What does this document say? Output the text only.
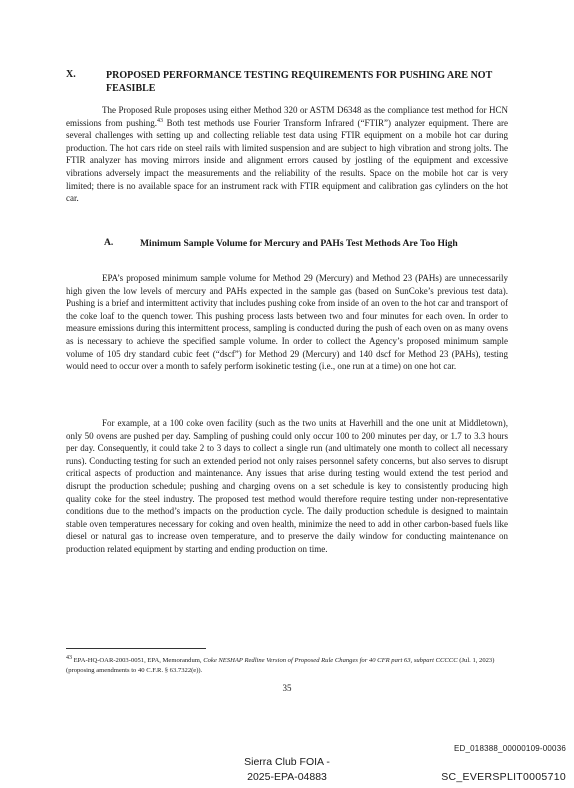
X.	PROPOSED PERFORMANCE TESTING REQUIREMENTS FOR PUSHING ARE NOT FEASIBLE
The Proposed Rule proposes using either Method 320 or ASTM D6348 as the compliance test method for HCN emissions from pushing.$^{43}$ Both test methods use Fourier Transform Infrared (“FTIR”) analyzer equipment. There are several challenges with setting up and collecting reliable test data using FTIR equipment on a mobile hot car during production. The hot cars ride on steel rails with limited suspension and are subject to high vibration and strong jolts. The FTIR analyzer has moving mirrors inside and alignment errors caused by jostling of the equipment and excessive vibrations adversely impact the measurements and the reliability of the results. Space on the mobile hot car is very limited; there is no available space for an instrument rack with FTIR equipment and calibration gas cylinders on the hot car.
A.	Minimum Sample Volume for Mercury and PAHs Test Methods Are Too High
EPA’s proposed minimum sample volume for Method 29 (Mercury) and Method 23 (PAHs) are unnecessarily high given the low levels of mercury and PAHs expected in the sample gas (based on SunCoke’s previous test data). Pushing is a brief and intermittent activity that includes pushing coke from inside of an oven to the hot car and transport of the coke loaf to the quench tower. This pushing process lasts between two and four minutes for each oven. In order to measure emissions during this intermittent process, sampling is conducted during the push of each oven on as many ovens as is necessary to achieve the specified sample volume. In order to collect the Agency’s proposed minimum sample volume of 105 dry standard cubic feet (“dscf”) for Method 29 (Mercury) and 140 dscf for Method 23 (PAHs), testing would need to occur over a month to safely perform isokinetic testing (i.e., one run at a time) on one hot car.
For example, at a 100 coke oven facility (such as the two units at Haverhill and the one unit at Middletown), only 50 ovens are pushed per day. Sampling of pushing could only occur 100 to 200 minutes per day, or 1.7 to 3.3 hours per day. Consequently, it could take 2 to 3 days to collect a single run (and ultimately one month to collect all necessary runs). Conducting testing for such an extended period not only raises personnel safety concerns, but also serves to disrupt critical aspects of production and maintenance. Any issues that arise during testing would extend the test period and disrupt the production schedule; pushing and charging ovens on a set schedule is key to consistently producing high quality coke for the steel industry. The proposed test method would therefore require testing under non-representative conditions due to the method’s impacts on the production cycle. The daily production schedule is designed to maintain stable oven temperatures necessary for coking and oven health, minimize the need to add in other carbon-based fuels like diesel or natural gas to increase oven temperature, and to preserve the daily window for conducting maintenance on production related equipment by starting and ending production on time.
$^{43}$ EPA-HQ-OAR-2003-0051, EPA, Memorandum, Coke NESHAP Redline Version of Proposed Rule Changes for 40 CFR part 63, subpart CCCCC (Jul. 1, 2023) (proposing amendments to 40 C.F.R. § 63.7322(e)).
35
ED_018388_00000109-00036
Sierra Club FOIA -
2025-EPA-04883	SC_EVERSPLIT0005710
